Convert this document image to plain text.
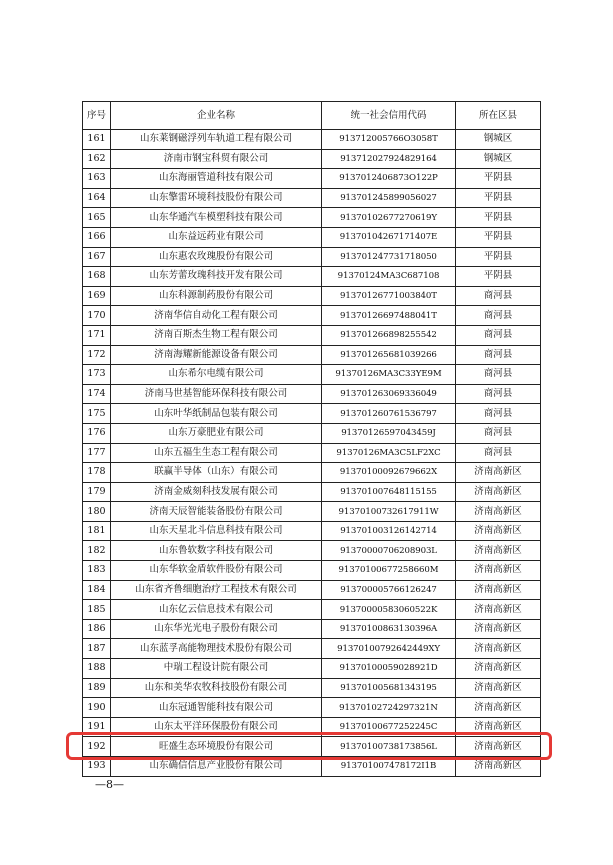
序号	企业名称	统一社会信用代码	所在区县
161	山东莱钢磁浮列车轨道工程有限公司	913712005766O3058T	钢城区
162	济南市钢宝科贸有限公司	913712027924829164	钢城区
163	山东海丽管道科技有限公司	9137012406873O122P	平阴县
164	山东擎雷环境科技股份有限公司	913701245899056027	平阴县
165	山东华通汽车模塑科技有限公司	91370102677270619Y	平阴县
166	山东益远药业有限公司	91370104267171407E	平阴县
167	山东惠农玫瑰股份有限公司	913701247731718050	平阴县
168	山东芳蕾玫瑰科技开发有限公司	91370124MA3C687108	平阴县
169	山东科源制药股份有限公司	91370126771003840T	商河县
170	济南华信自动化工程有限公司	91370126697488041T	商河县
171	济南百斯杰生物工程有限公司	913701266898255542	商河县
172	济南海耀新能源设备有限公司	913701265681039266	商河县
173	山东希尔电缆有限公司	91370126MA3C33YE9M	商河县
174	济南马世基智能环保科技有限公司	913701263069336049	商河县
175	山东叶华纸制品包装有限公司	913701260761536797	商河县
176	山东万豪肥业有限公司	91370126597043459J	商河县
177	山东五福生生态工程有限公司	91370126MA3C5LF2XC	商河县
178	联赢半导体（山东）有限公司	91370100092679662X	济南高新区
179	济南金威刻科技发展有限公司	913701007648115155	济南高新区
180	济南天辰智能装备股份有限公司	91370100732617911W	济南高新区
181	山东天星北斗信息科技有限公司	913701003126142714	济南高新区
182	山东鲁软数字科技有限公司	91370000706208903L	济南高新区
183	山东华软金盾软件股份有限公司	91370100677258660M	济南高新区
184	山东省齐鲁细胞治疗工程技术有限公司	913700005766126247	济南高新区
185	山东亿云信息技术有限公司	91370000583060522K	济南高新区
186	山东华光光电子股份有限公司	91370100863130396A	济南高新区
187	山东蓝孚高能物理技术股份有限公司	91370100792642449XY	济南高新区
188	中瑞工程设计院有限公司	91370100059028921D	济南高新区
189	山东和美华农牧科技股份有限公司	913701005681343195	济南高新区
190	山东冠通智能科技有限公司	91370102724297321N	济南高新区
191	山东太平洋环保股份有限公司	91370100677252245C	济南高新区
192	旺盛生态环境股份有限公司	91370100738173856L	济南高新区
193	山东确信信息产业股份有限公司	913701007478172I1B	济南高新区
—8—
